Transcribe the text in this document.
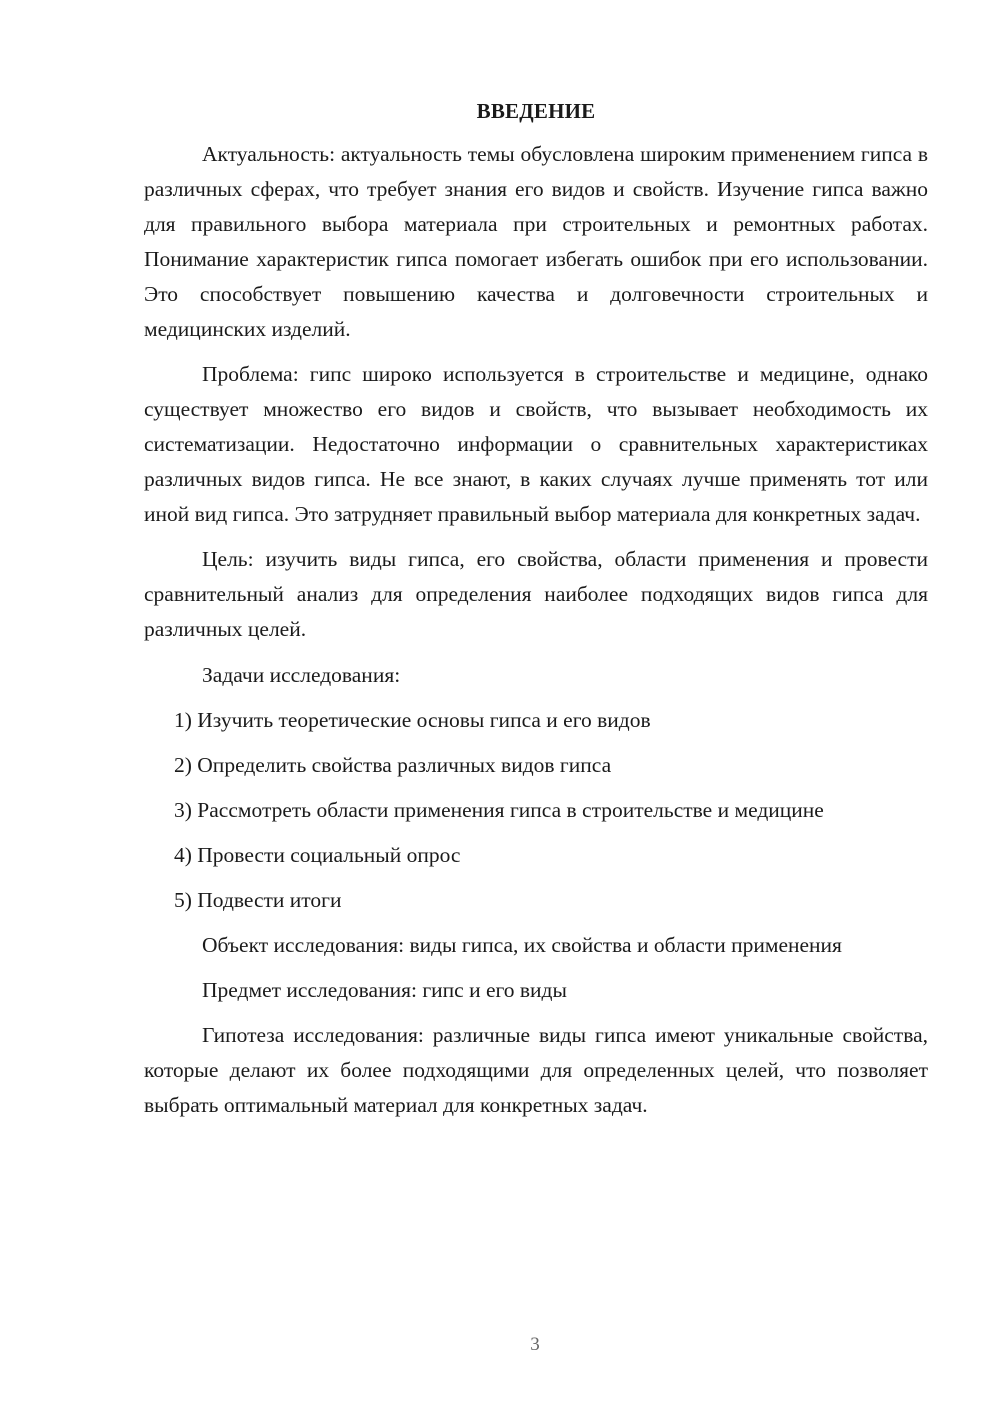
ВВЕДЕНИЕ

Актуальность: актуальность темы обусловлена широким применением гипса в различных сферах, что требует знания его видов и свойств. Изучение гипса важно для правильного выбора материала при строительных и ремонтных работах. Понимание характеристик гипса помогает избегать ошибок при его использовании. Это способствует повышению качества и долговечности строительных и медицинских изделий.

Проблема: гипс широко используется в строительстве и медицине, однако существует множество его видов и свойств, что вызывает необходимость их систематизации. Недостаточно информации о сравнительных характеристиках различных видов гипса. Не все знают, в каких случаях лучше применять тот или иной вид гипса. Это затрудняет правильный выбор материала для конкретных задач.

Цель: изучить виды гипса, его свойства, области применения и провести сравнительный анализ для определения наиболее подходящих видов гипса для различных целей.

Задачи исследования:

1) Изучить теоретические основы гипса и его видов
2) Определить свойства различных видов гипса
3) Рассмотреть области применения гипса в строительстве и медицине
4) Провести социальный опрос
5) Подвести итоги

Объект исследования: виды гипса, их свойства и области применения

Предмет исследования: гипс и его виды

Гипотеза исследования: различные виды гипса имеют уникальные свойства, которые делают их более подходящими для определенных целей, что позволяет выбрать оптимальный материал для конкретных задач.

3
